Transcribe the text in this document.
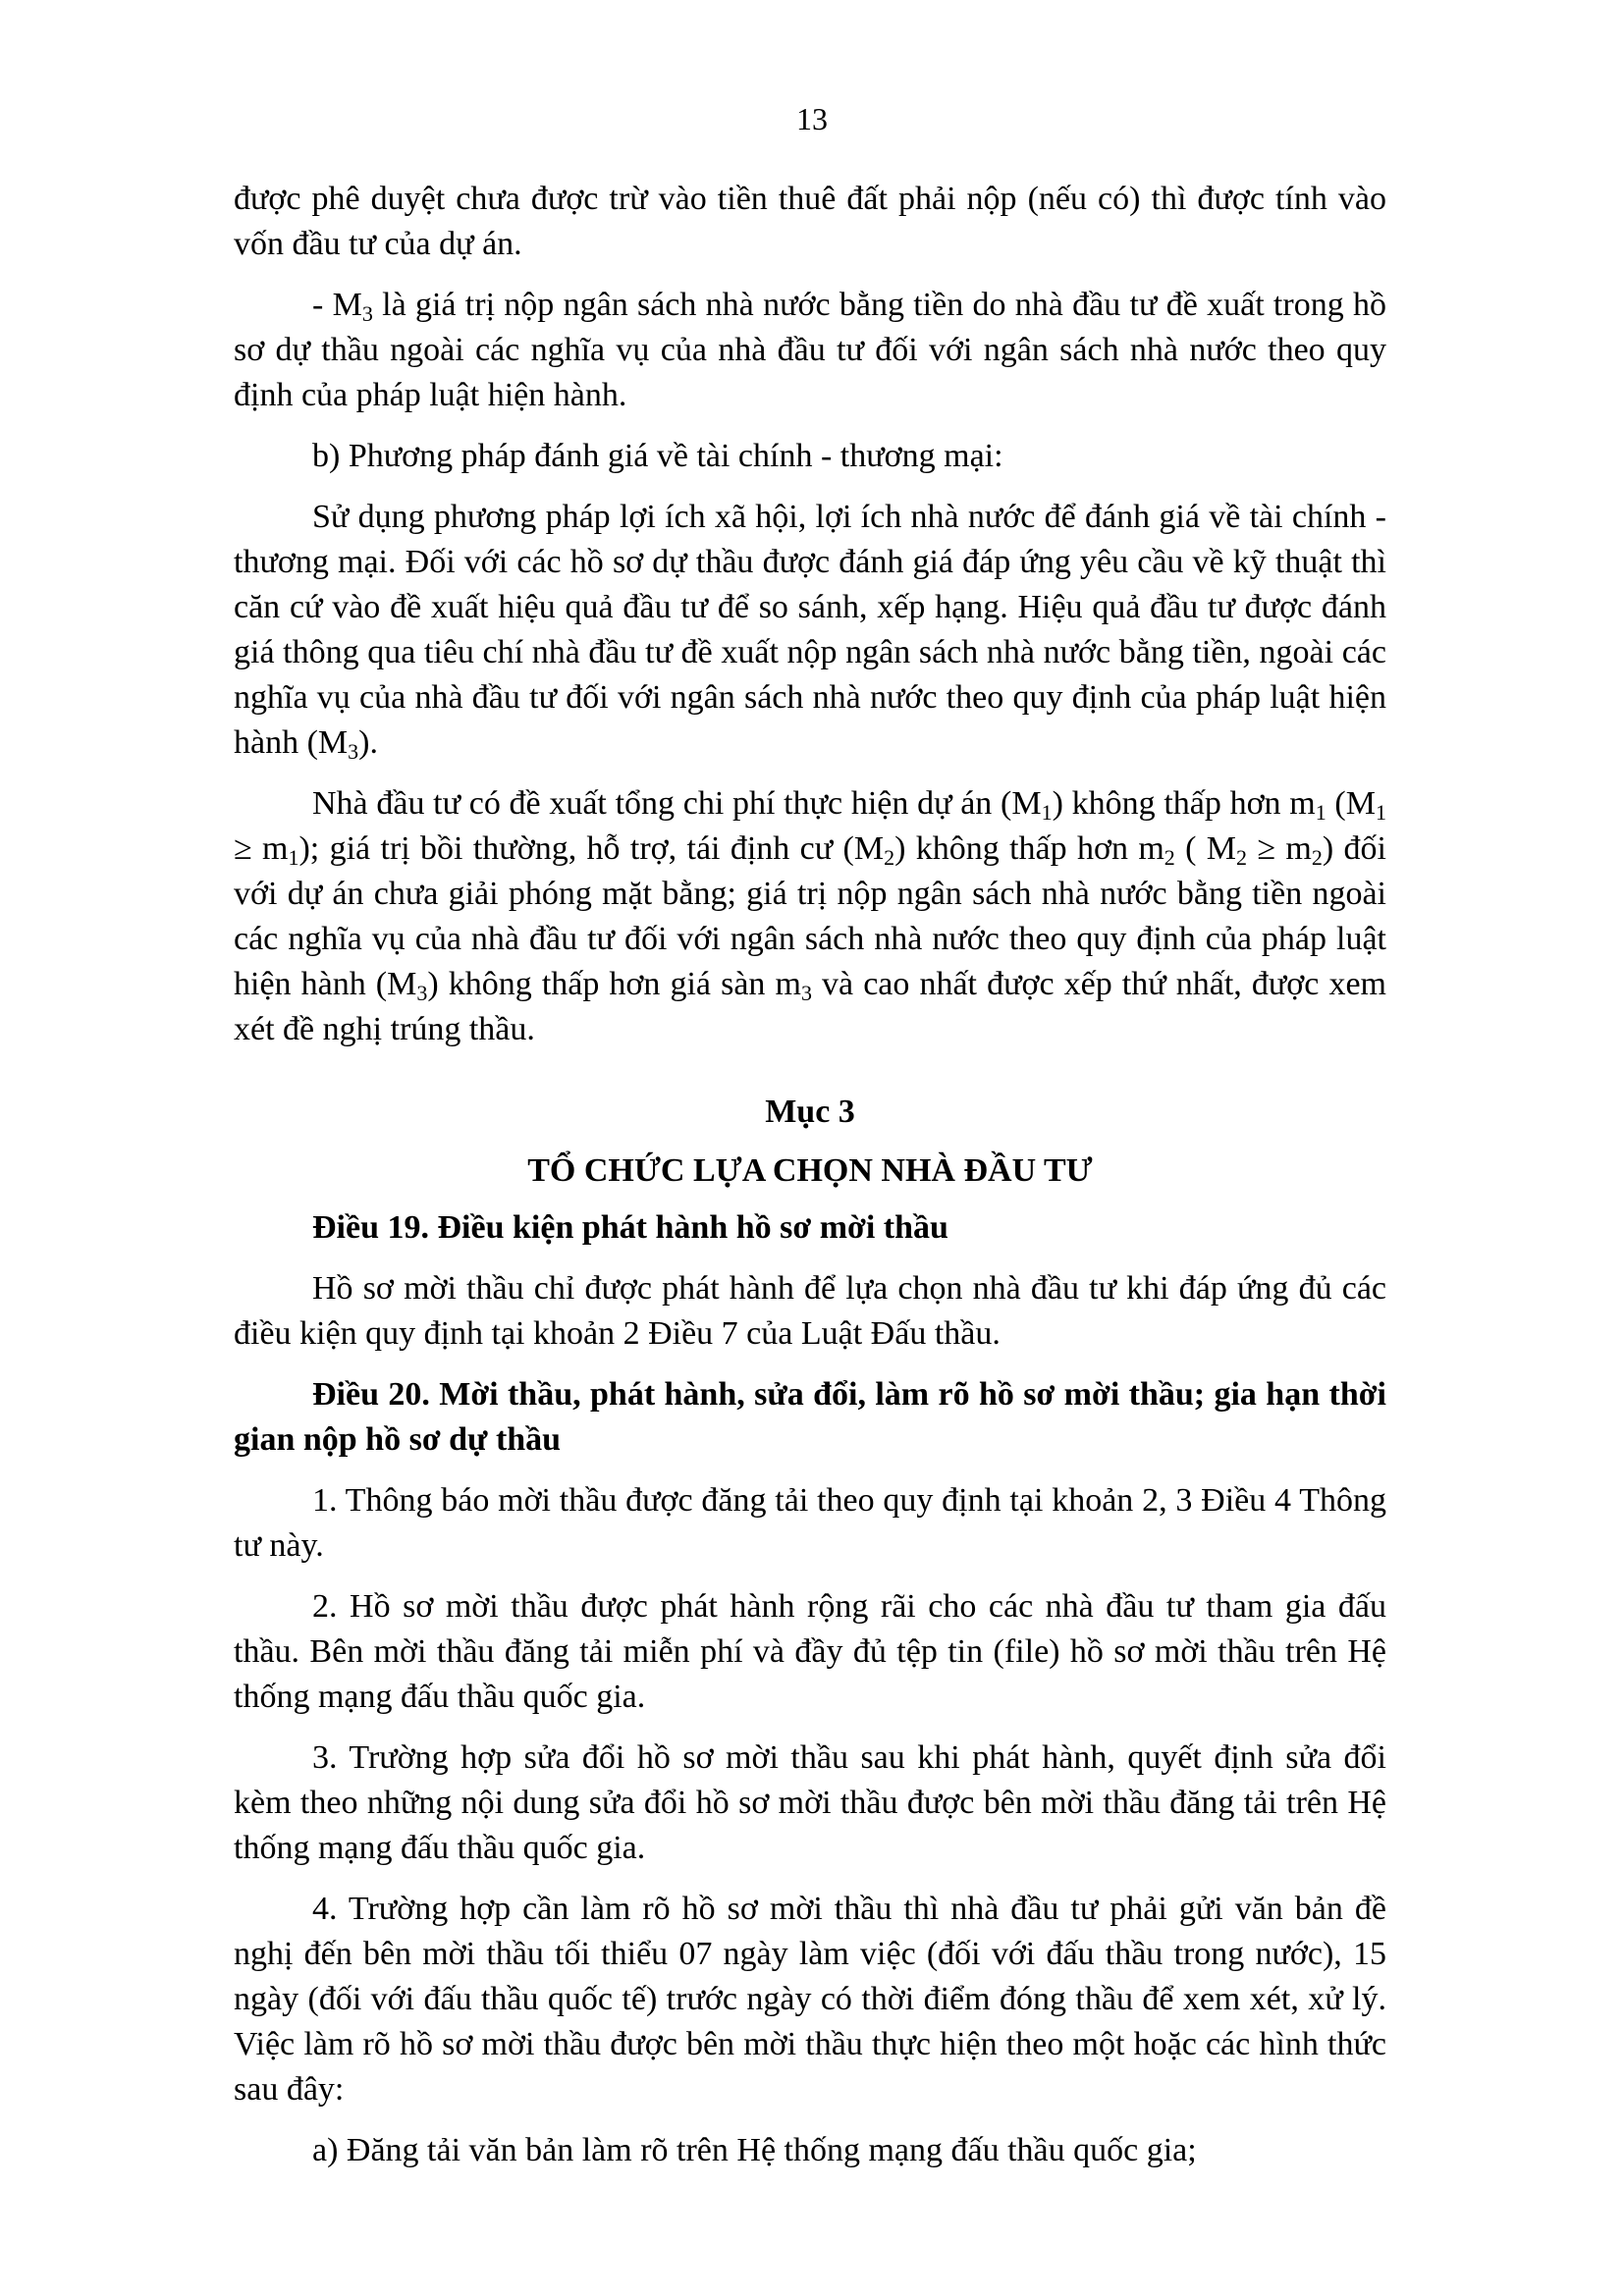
13

được phê duyệt chưa được trừ vào tiền thuê đất phải nộp (nếu có) thì được tính vào vốn đầu tư của dự án.

- $M_3$ là giá trị nộp ngân sách nhà nước bằng tiền do nhà đầu tư đề xuất trong hồ sơ dự thầu ngoài các nghĩa vụ của nhà đầu tư đối với ngân sách nhà nước theo quy định của pháp luật hiện hành.

b) Phương pháp đánh giá về tài chính - thương mại:

Sử dụng phương pháp lợi ích xã hội, lợi ích nhà nước để đánh giá về tài chính - thương mại. Đối với các hồ sơ dự thầu được đánh giá đáp ứng yêu cầu về kỹ thuật thì căn cứ vào đề xuất hiệu quả đầu tư để so sánh, xếp hạng. Hiệu quả đầu tư được đánh giá thông qua tiêu chí nhà đầu tư đề xuất nộp ngân sách nhà nước bằng tiền, ngoài các nghĩa vụ của nhà đầu tư đối với ngân sách nhà nước theo quy định của pháp luật hiện hành $(M_3)$.

Nhà đầu tư có đề xuất tổng chi phí thực hiện dự án $(M_1)$ không thấp hơn $m_1$ $(M_1 \ge m_1)$; giá trị bồi thường, hỗ trợ, tái định cư $(M_2)$ không thấp hơn $m_2$ ( $M_2 \ge m_2$) đối với dự án chưa giải phóng mặt bằng; giá trị nộp ngân sách nhà nước bằng tiền ngoài các nghĩa vụ của nhà đầu tư đối với ngân sách nhà nước theo quy định của pháp luật hiện hành $(M_3)$ không thấp hơn giá sàn $m_3$ và cao nhất được xếp thứ nhất, được xem xét đề nghị trúng thầu.

Mục 3

TỔ CHỨC LỰA CHỌN NHÀ ĐẦU TƯ

Điều 19. Điều kiện phát hành hồ sơ mời thầu

Hồ sơ mời thầu chỉ được phát hành để lựa chọn nhà đầu tư khi đáp ứng đủ các điều kiện quy định tại khoản 2 Điều 7 của Luật Đấu thầu.

Điều 20. Mời thầu, phát hành, sửa đổi, làm rõ hồ sơ mời thầu; gia hạn thời gian nộp hồ sơ dự thầu

1. Thông báo mời thầu được đăng tải theo quy định tại khoản 2, 3 Điều 4 Thông tư này.

2. Hồ sơ mời thầu được phát hành rộng rãi cho các nhà đầu tư tham gia đấu thầu. Bên mời thầu đăng tải miễn phí và đầy đủ tệp tin (file) hồ sơ mời thầu trên Hệ thống mạng đấu thầu quốc gia.

3. Trường hợp sửa đổi hồ sơ mời thầu sau khi phát hành, quyết định sửa đổi kèm theo những nội dung sửa đổi hồ sơ mời thầu được bên mời thầu đăng tải trên Hệ thống mạng đấu thầu quốc gia.

4. Trường hợp cần làm rõ hồ sơ mời thầu thì nhà đầu tư phải gửi văn bản đề nghị đến bên mời thầu tối thiểu 07 ngày làm việc (đối với đấu thầu trong nước), 15 ngày (đối với đấu thầu quốc tế) trước ngày có thời điểm đóng thầu để xem xét, xử lý. Việc làm rõ hồ sơ mời thầu được bên mời thầu thực hiện theo một hoặc các hình thức sau đây:

a) Đăng tải văn bản làm rõ trên Hệ thống mạng đấu thầu quốc gia;
